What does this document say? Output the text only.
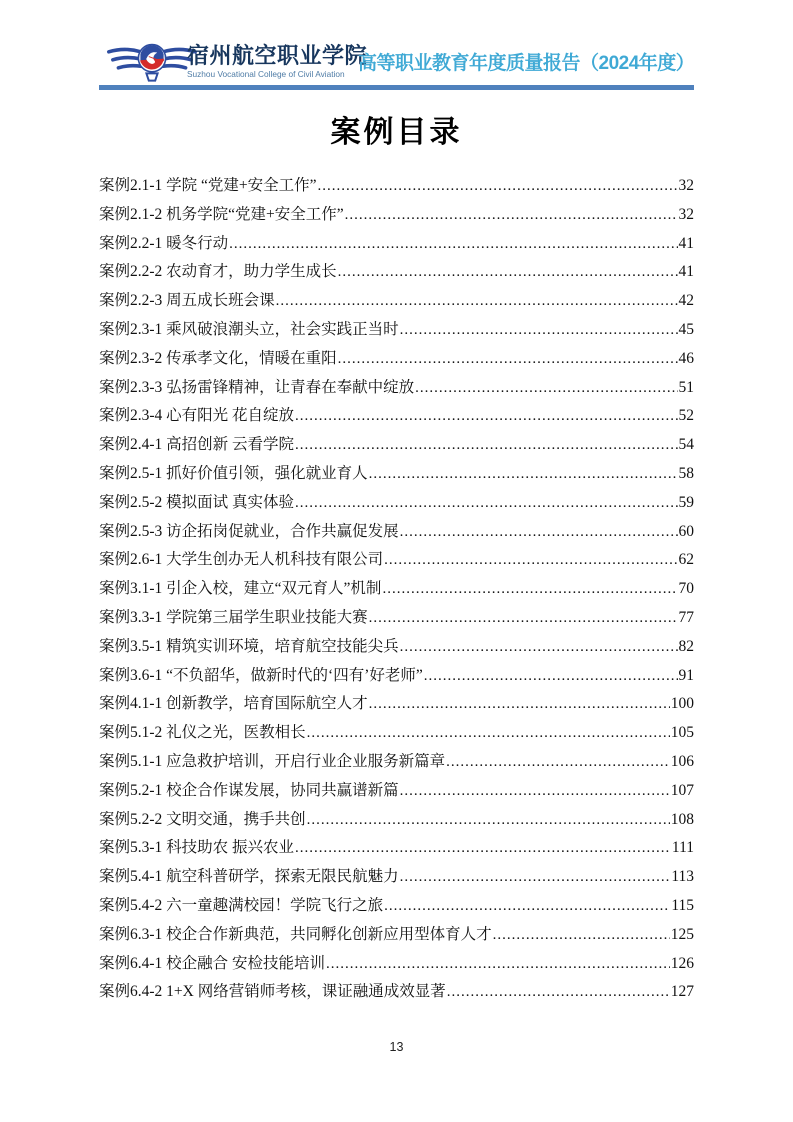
宿州航空职业学院
Suzhou Vocational College of Civil Aviation 高等职业教育年度质量报告（2024年度）
案例目录
案例2.1-1 学院 “党建+安全工作” .....	32
案例2.1-2 机务学院“党建+安全工作” .....	32
案例2.2-1 暖冬行动 .....	41
案例2.2-2 农动育才，助力学生成长 .....	41
案例2.2-3 周五成长班会课 .....	42
案例2.3-1 乘风破浪潮头立，社会实践正当时 .....	45
案例2.3-2 传承孝文化，情暖在重阳 .....	46
案例2.3-3 弘扬雷锋精神，让青春在奉献中绽放 .....	51
案例2.3-4 心有阳光 花自绽放 .....	52
案例2.4-1 高招创新 云看学院 .....	54
案例2.5-1 抓好价值引领，强化就业育人 .....	58
案例2.5-2 模拟面试 真实体验 .....	59
案例2.5-3 访企拓岗促就业，合作共赢促发展 .....	60
案例2.6-1 大学生创办无人机科技有限公司 .....	62
案例3.1-1 引企入校，建立“双元育人”机制 .....	70
案例3.3-1 学院第三届学生职业技能大赛 .....	77
案例3.5-1 精筑实训环境，培育航空技能尖兵 .....	82
案例3.6-1 “不负韶华，做新时代的‘四有’好老师” .....	91
案例4.1-1 创新教学，培育国际航空人才 .....	100
案例5.1-2 礼仪之光，医教相长 .....	105
案例5.1-1 应急救护培训，开启行业企业服务新篇章 .....	106
案例5.2-1 校企合作谋发展，协同共赢谱新篇 .....	107
案例5.2-2 文明交通，携手共创 .....	108
案例5.3-1 科技助农 振兴农业 .....	111
案例5.4-1 航空科普研学，探索无限民航魅力 .....	113
案例5.4-2 六一童趣满校园！学院飞行之旅 .....	115
案例6.3-1 校企合作新典范，共同孵化创新应用型体育人才 .....	125
案例6.4-1 校企融合 安检技能培训 .....	126
案例6.4-2 1+X 网络营销师考核，课证融通成效显著 .....	127
13
